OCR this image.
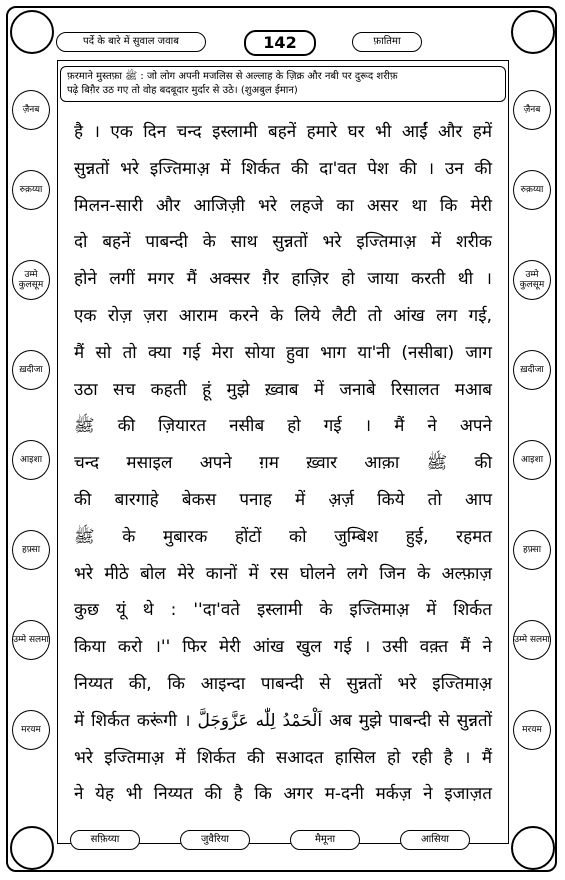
पर्दे के बारे में सुवाल जवाब	142	फ़ातिमा
ज़ैनब
रुक़य्या
उम्मे कुलसूम
ख़दीजा
आइशा
हफ़्सा
उम्मे सलमा
मरयम
ज़ैनब
रुक़य्या
उम्मे कुलसूम
ख़दीजा
आइशा
हफ़्सा
उम्मे सलमा
मरयम
फ़रमाने मुस्तफ़ा ﷺ : जो लोग अपनी मजलिस से अल्लाह के ज़िक्र और नबी पर दुरूद शरीफ़
पढ़े बिग़ैर उठ गए तो वोह बदबूदार मुर्दार से उठे। (शुअबुल ईमान)

है । एक दिन चन्द इस्लामी बहनें हमारे घर भी आईं और हमें

सुन्नतों भरे इज्तिमाअ़ में शिर्कत की दा'वत पेश की । उन की

मिलन-सारी और आजिज़ी भरे लहजे का असर था कि मेरी

दो बहनें पाबन्दी के साथ सुन्नतों भरे इज्तिमाअ़ में शरीक

होने लगीं मगर मैं अक्सर ग़ैर हाज़िर हो जाया करती थी ।

एक रोज़ ज़रा आराम करने के लिये लैटी तो आंख लग गई,

मैं सो तो क्या गई मेरा सोया हुवा भाग या'नी (नसीबा) जाग

उठा सच कहती हूं मुझे ख़्वाब में जनाबे रिसालत मआब

ﷺ की ज़ियारत नसीब हो गई । मैं ने अपने

चन्द मसाइल अपने ग़म ख़्वार आक़ा ﷺ की

की बारगाहे बेकस पनाह में अ़र्ज़ किये तो आप

ﷺ के मुबारक होंटों को जुम्बिश हुई, रहमत

भरे मीठे बोल मेरे कानों में रस घोलने लगे जिन के अल्फ़ाज़

कुछ यूं थे : ''दा'वते इस्लामी के इज्तिमाअ़ में शिर्कत

किया करो ।'' फिर मेरी आंख खुल गई । उसी वक़्त मैं ने

निय्यत की, कि आइन्दा पाबन्दी से सुन्नतों भरे इज्तिमाअ़

में शिर्कत करूंगी । اَلْحَمْدُ لِلّٰه عَزَّوَجَلَّ अब मुझे पाबन्दी से सुन्नतों

भरे इज्तिमाअ़ में शिर्कत की सआदत हासिल हो रही है । मैं

ने येह भी निय्यत की है कि अगर म-दनी मर्कज़ ने इजाज़त

सफ़िय्या	जुवैरिया	मैमूना	आसिया
